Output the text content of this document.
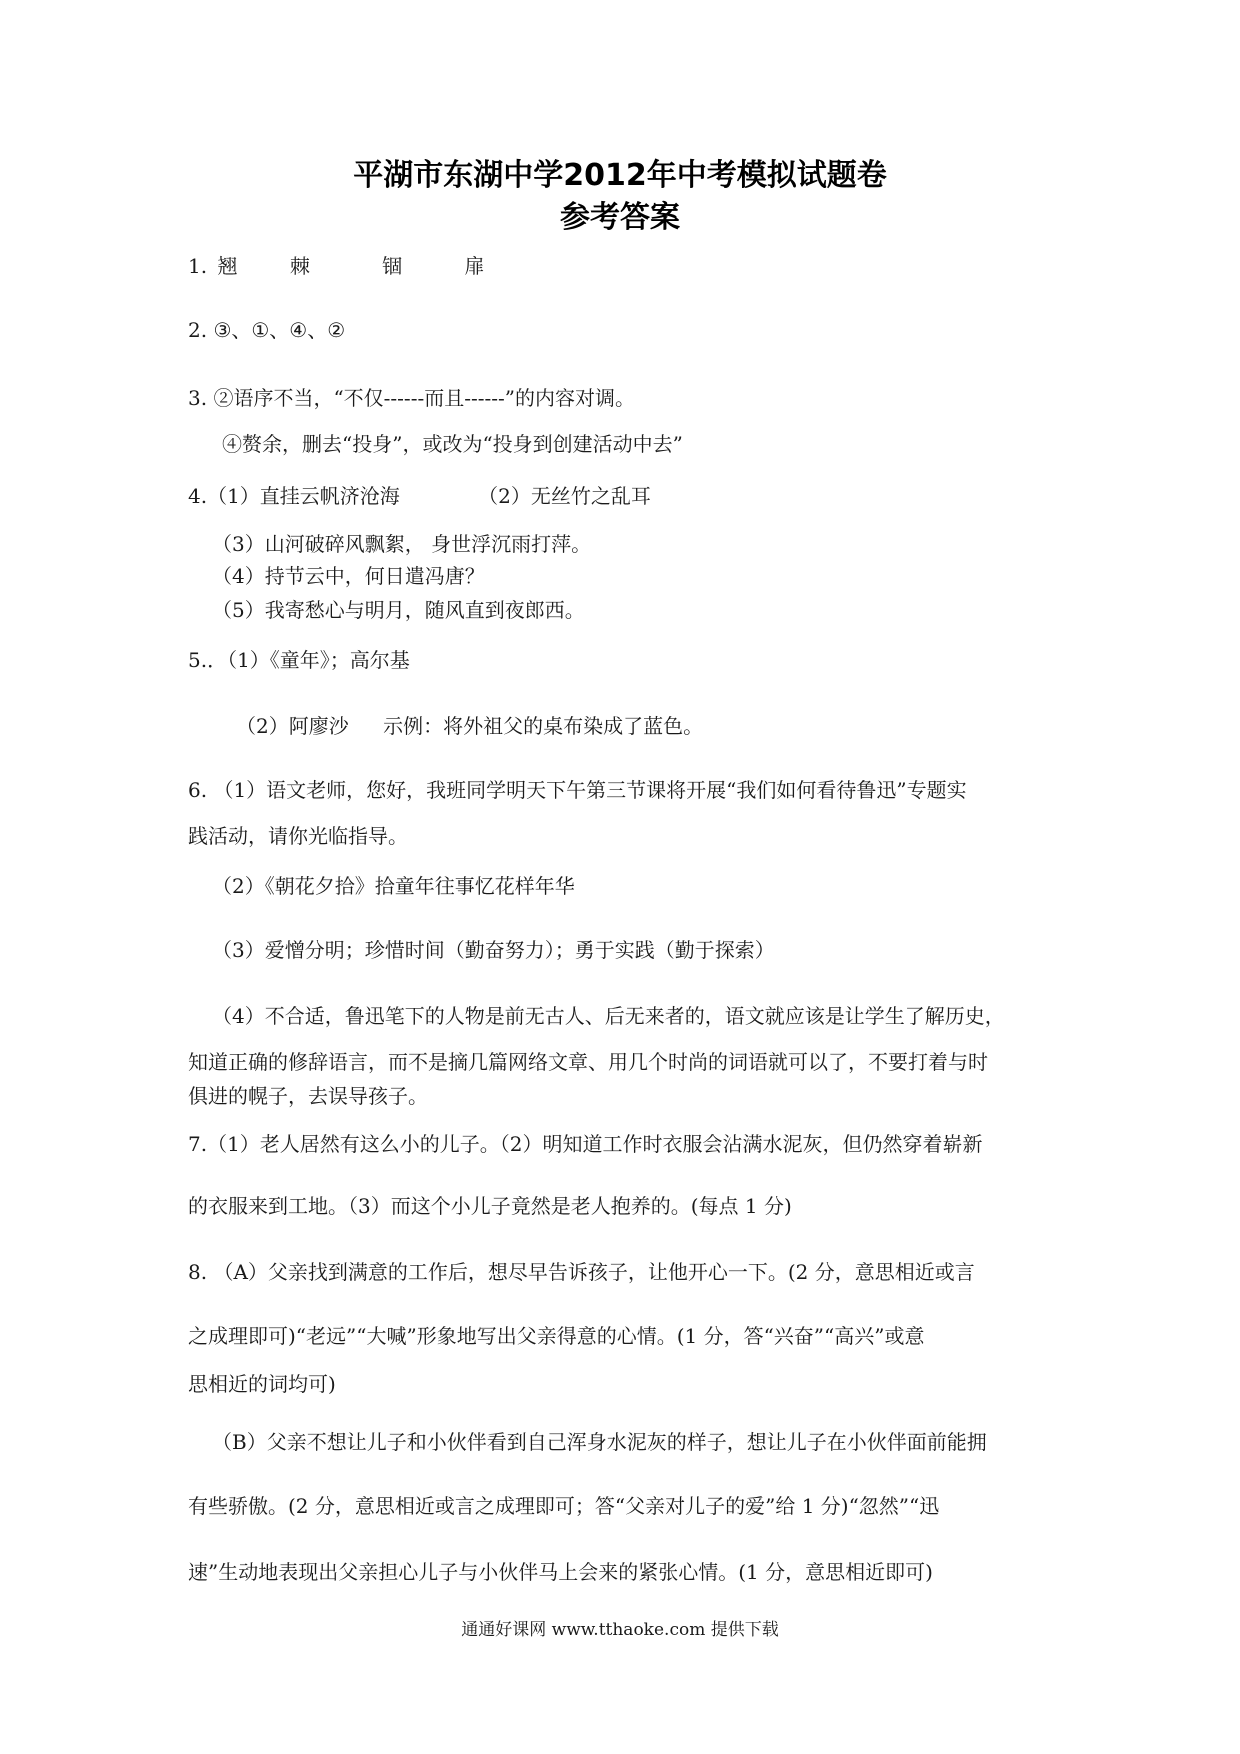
平湖市东湖中学2012年中考模拟试题卷
参考答案
1. 翘	棘	锢	扉
2. ③、①、④、②
3. ②语序不当，“不仅------而且------”的内容对调。
④赘余，删去“投身”，或改为“投身到创建活动中去”
4.（1）直挂云帆济沧海	（2）无丝竹之乱耳
（3）山河破碎风飘絮， 身世浮沉雨打萍。
（4）持节云中，何日遣冯唐？
（5）我寄愁心与明月，随风直到夜郎西。
5.．（1）《童年》；高尔基
（2）阿廖沙 示例：将外祖父的桌布染成了蓝色。
6. （1）语文老师，您好，我班同学明天下午第三节课将开展“我们如何看待鲁迅”专题实
践活动，请你光临指导。
（2）《朝花夕拾》拾童年往事忆花样年华
（3）爱憎分明；珍惜时间（勤奋努力）；勇于实践（勤于探索）
（4）不合适，鲁迅笔下的人物是前无古人、后无来者的，语文就应该是让学生了解历史，
知道正确的修辞语言，而不是摘几篇网络文章、用几个时尚的词语就可以了，不要打着与时
俱进的幌子，去误导孩子。
7.（1）老人居然有这么小的儿子。（2）明知道工作时衣服会沾满水泥灰，但仍然穿着崭新
的衣服来到工地。（3）而这个小儿子竟然是老人抱养的。(每点 1 分)
8. （A）父亲找到满意的工作后，想尽早告诉孩子，让他开心一下。(2 分，意思相近或言
之成理即可)“老远”“大喊”形象地写出父亲得意的心情。(1 分，答“兴奋”“高兴”或意
思相近的词均可)
（B）父亲不想让儿子和小伙伴看到自己浑身水泥灰的样子，想让儿子在小伙伴面前能拥
有些骄傲。(2 分，意思相近或言之成理即可；答“父亲对儿子的爱”给 1 分)“忽然”“迅
速”生动地表现出父亲担心儿子与小伙伴马上会来的紧张心情。(1 分，意思相近即可)
通通好课网 www.tthaoke.com 提供下载
